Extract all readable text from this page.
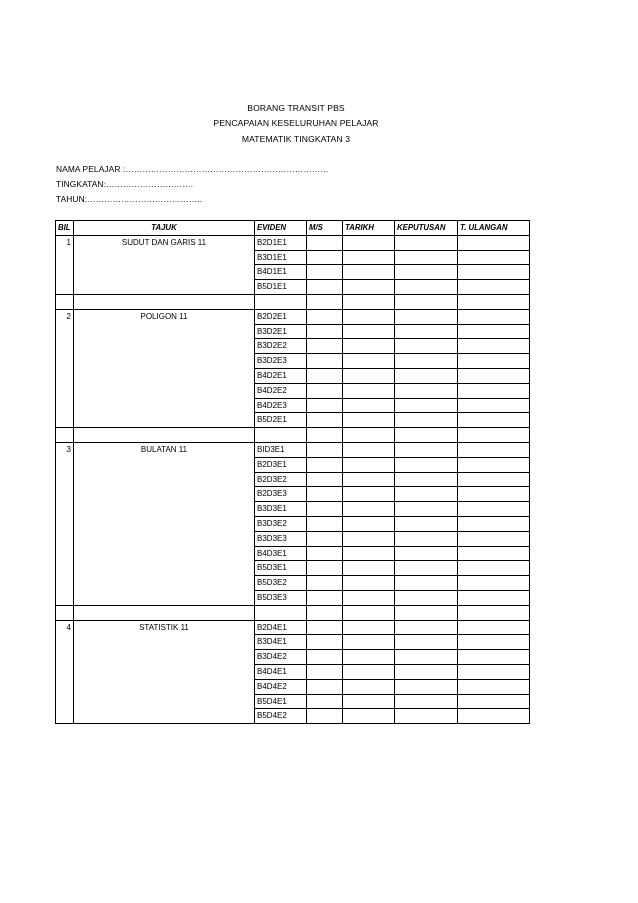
BORANG TRANSIT PBS
PENCAPAIAN KESELURUHAN PELAJAR
MATEMATIK TINGKATAN 3
NAMA PELAJAR :………………………………………………………………
TINGKATAN:………………………….
TAHUN:…………………………………..
BIL	TAJUK	EVIDEN	M/S	TARIKH	KEPUTUSAN	T. ULANGAN
1	SUDUT DAN GARIS 11	B2D1E1				
		B3D1E1				
		B4D1E1				
		B5D1E1				

2	POLIGON 11	B2D2E1				
		B3D2E1				
		B3D2E2				
		B3D2E3				
		B4D2E1				
		B4D2E2				
		B4D2E3				
		B5D2E1				

3	BULATAN 11	BID3E1				
		B2D3E1				
		B2D3E2				
		B2D3E3				
		B3D3E1				
		B3D3E2				
		B3D3E3				
		B4D3E1				
		B5D3E1				
		B5D3E2				
		B5D3E3				

4	STATISTIK 11	B2D4E1				
		B3D4E1				
		B3D4E2				
		B4D4E1				
		B4D4E2				
		B5D4E1				
		B5D4E2				
